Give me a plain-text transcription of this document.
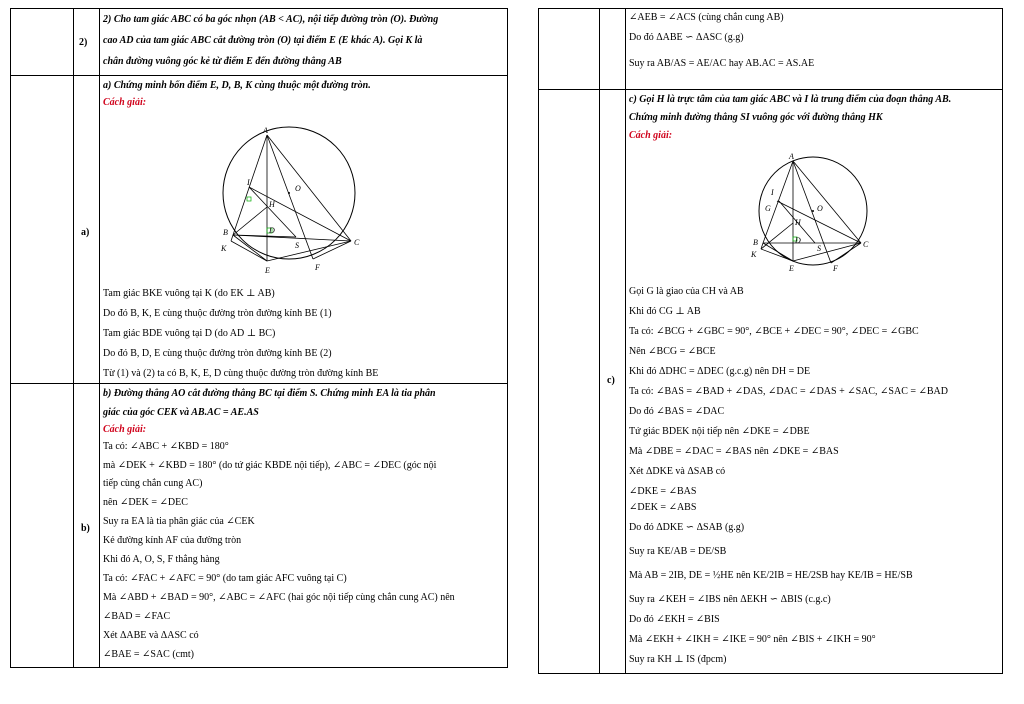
2)
2) Cho tam giác ABC có ba góc nhọn (AB < AC), nội tiếp đường tròn (O). Đường
cao AD của tam giác ABC cắt đường tròn (O) tại điểm E (E khác A). Gọi K là
chân đường vuông góc kẻ từ điểm E đến đường thẳng AB
a)
a) Chứng minh bốn điểm E, D, B, K cùng thuộc một đường tròn.
Cách giải:
A
I
O
H
D
B
K	S	C
E	F
Tam giác BKE vuông tại K (do EK ⊥ AB)
Do đó B, K, E cùng thuộc đường tròn đường kính BE (1)
Tam giác BDE vuông tại D (do AD ⊥ BC)
Do đó B, D, E cùng thuộc đường tròn đường kính BE (2)
Từ (1) và (2) ta có B, K, E, D cùng thuộc đường tròn đường kính BE
b)
b) Đường thẳng AO cắt đường thẳng BC tại điểm S. Chứng minh EA là tia phân
giác của góc CEK và AB.AC = AE.AS
Cách giải:
Ta có: ∠ABC + ∠KBD = 180°
mà ∠DEK + ∠KBD = 180° (do tứ giác KBDE nội tiếp), ∠ABC = ∠DEC (góc nội
tiếp cùng chắn cung AC)
nên ∠DEK = ∠DEC
Suy ra EA là tia phân giác của ∠CEK
Kẻ đường kính AF của đường tròn
Khi đó A, O, S, F thẳng hàng
Ta có: ∠FAC + ∠AFC = 90° (do tam giác AFC vuông tại C)
Mà ∠ABD + ∠BAD = 90°, ∠ABC = ∠AFC (hai góc nội tiếp cùng chắn cung AC) nên
∠BAD = ∠FAC
Xét ΔABE và ΔASC có
∠BAE = ∠SAC (cmt)
∠AEB = ∠ACS (cùng chắn cung AB)
Do đó ΔABE ∽ ΔASC (g.g)
Suy ra AB/AS = AE/AC hay AB.AC = AS.AE
c)
c) Gọi H là trực tâm của tam giác ABC và I là trung điểm của đoạn thẳng AB.
Chứng minh đường thẳng SI vuông góc với đường thẳng HK
Cách giải:
A
I
G	O
H
D
B
K
S	C
E	F
Gọi G là giao của CH và AB
Khi đó CG ⊥ AB
Ta có: ∠BCG + ∠GBC = 90°, ∠BCE + ∠DEC = 90°, ∠DEC = ∠GBC
Nên ∠BCG = ∠BCE
Khi đó ΔDHC = ΔDEC (g.c.g) nên DH = DE
Ta có: ∠BAS = ∠BAD + ∠DAS, ∠DAC = ∠DAS + ∠SAC, ∠SAC = ∠BAD
Do đó ∠BAS = ∠DAC
Tứ giác BDEK nội tiếp nên ∠DKE = ∠DBE
Mà ∠DBE = ∠DAC = ∠BAS nên ∠DKE = ∠BAS
Xét ΔDKE và ΔSAB có
∠DKE = ∠BAS
∠DEK = ∠ABS
Do đó ΔDKE ∽ ΔSAB (g.g)
Suy ra KE/AB = DE/SB
Mà AB = 2IB, DE = ½HE nên KE/2IB = HE/2SB hay KE/IB = HE/SB
Suy ra ∠KEH = ∠IBS nên ΔEKH ∽ ΔBIS (c.g.c)
Do đó ∠EKH = ∠BIS
Mà ∠EKH + ∠IKH = ∠IKE = 90° nên ∠BIS + ∠IKH = 90°
Suy ra KH ⊥ IS (đpcm)
